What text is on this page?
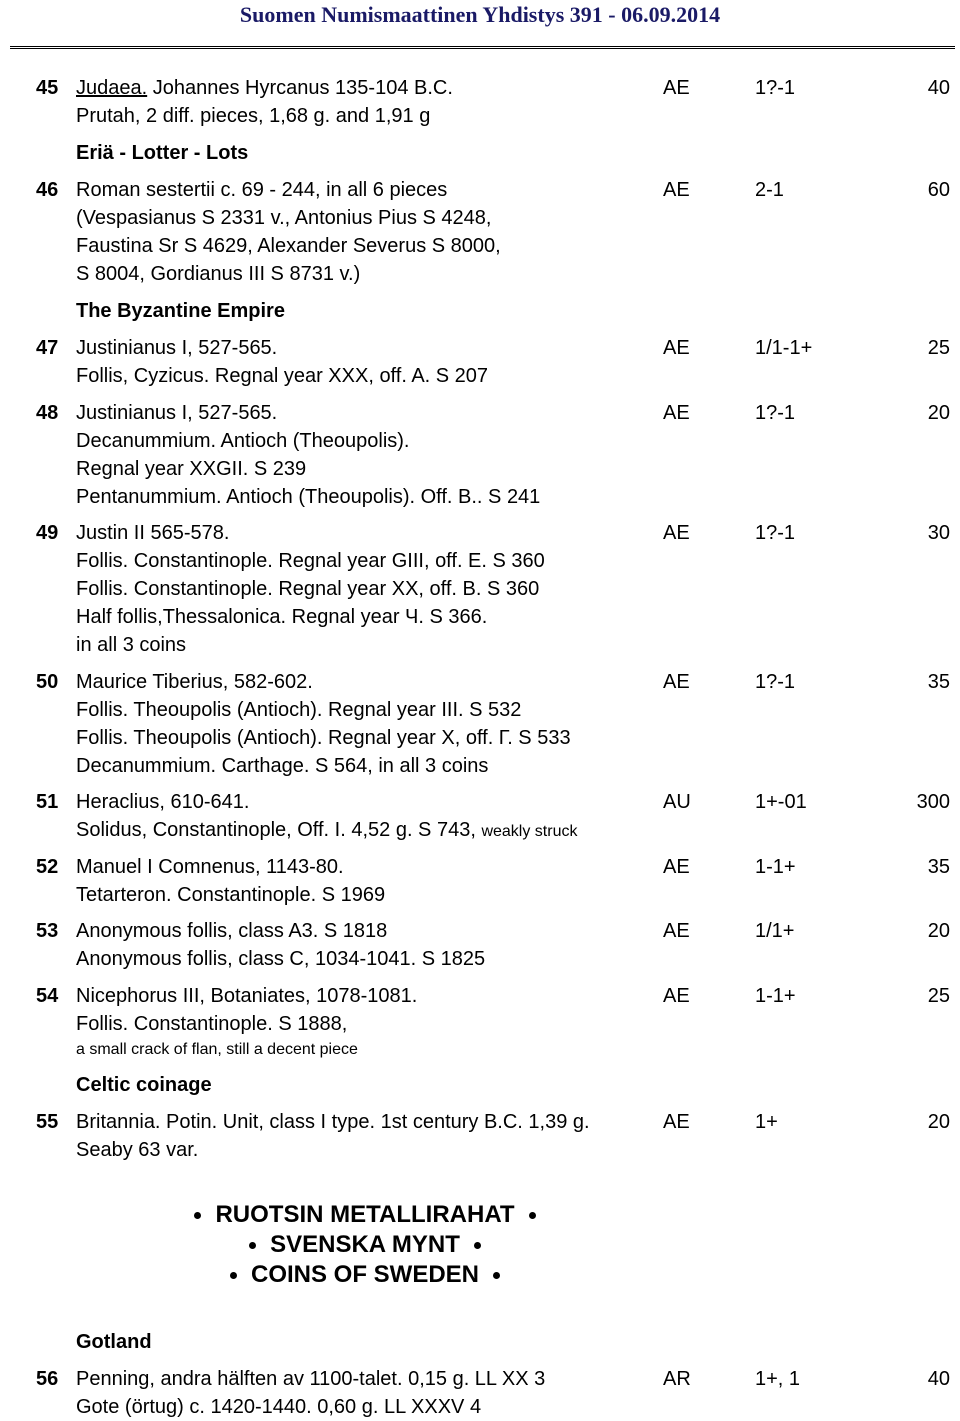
Suomen Numismaattinen Yhdistys 391 - 06.09.2014
45 Judaea. Johannes Hyrcanus 135-104 B.C.
Prutah, 2 diff. pieces, 1,68 g. and 1,91 g
AE	1?-1	40
Eriä - Lotter - Lots
46 Roman sestertii c. 69 - 244, in all 6 pieces
(Vespasianus S 2331 v., Antonius Pius S 4248,
Faustina Sr S 4629, Alexander Severus S 8000,
S 8004, Gordianus III S 8731 v.)
AE	2-1	60
The Byzantine Empire
47 Justinianus I, 527-565.
Follis, Cyzicus. Regnal year XXX, off. A. S 207
AE	1/1-1+	25
48 Justinianus I, 527-565.
Decanummium. Antioch (Theoupolis).
Regnal year XXGII. S 239
Pentanummium. Antioch (Theoupolis). Off. B.. S 241
AE	1?-1	20
49 Justin II 565-578.
Follis. Constantinople. Regnal year GIII, off. E. S 360
Follis. Constantinople. Regnal year XX, off. B. S 360
Half follis,Thessalonica. Regnal year Ч. S 366.
in all 3 coins
AE	1?-1	30
50 Maurice Tiberius, 582-602.
Follis. Theoupolis (Antioch). Regnal year III. S 532
Follis. Theoupolis (Antioch). Regnal year X, off. Г. S 533
Decanummium. Carthage. S 564, in all 3 coins
AE	1?-1	35
51 Heraclius, 610-641.
Solidus, Constantinople, Off. I. 4,52 g. S 743, weakly struck
AU	1+-01	300
52 Manuel I Comnenus, 1143-80.
Tetarteron. Constantinople. S 1969
AE	1-1+	35
53 Anonymous follis, class A3. S 1818
Anonymous follis, class C, 1034-1041. S 1825
AE	1/1+	20
54 Nicephorus III, Botaniates, 1078-1081.
Follis. Constantinople. S 1888,
a small crack of flan, still a decent piece
AE	1-1+	25
Celtic coinage
55 Britannia. Potin. Unit, class I type. 1st century B.C. 1,39 g.
Seaby 63 var.
AE	1+	20
RUOTSIN METALLIRAHAT
SVENSKA MYNT
COINS OF SWEDEN
Gotland
56 Penning, andra hälften av 1100-talet. 0,15 g. LL XX 3
Gote (örtug) c. 1420-1440. 0,60 g. LL XXXV 4
AR	1+, 1	40
